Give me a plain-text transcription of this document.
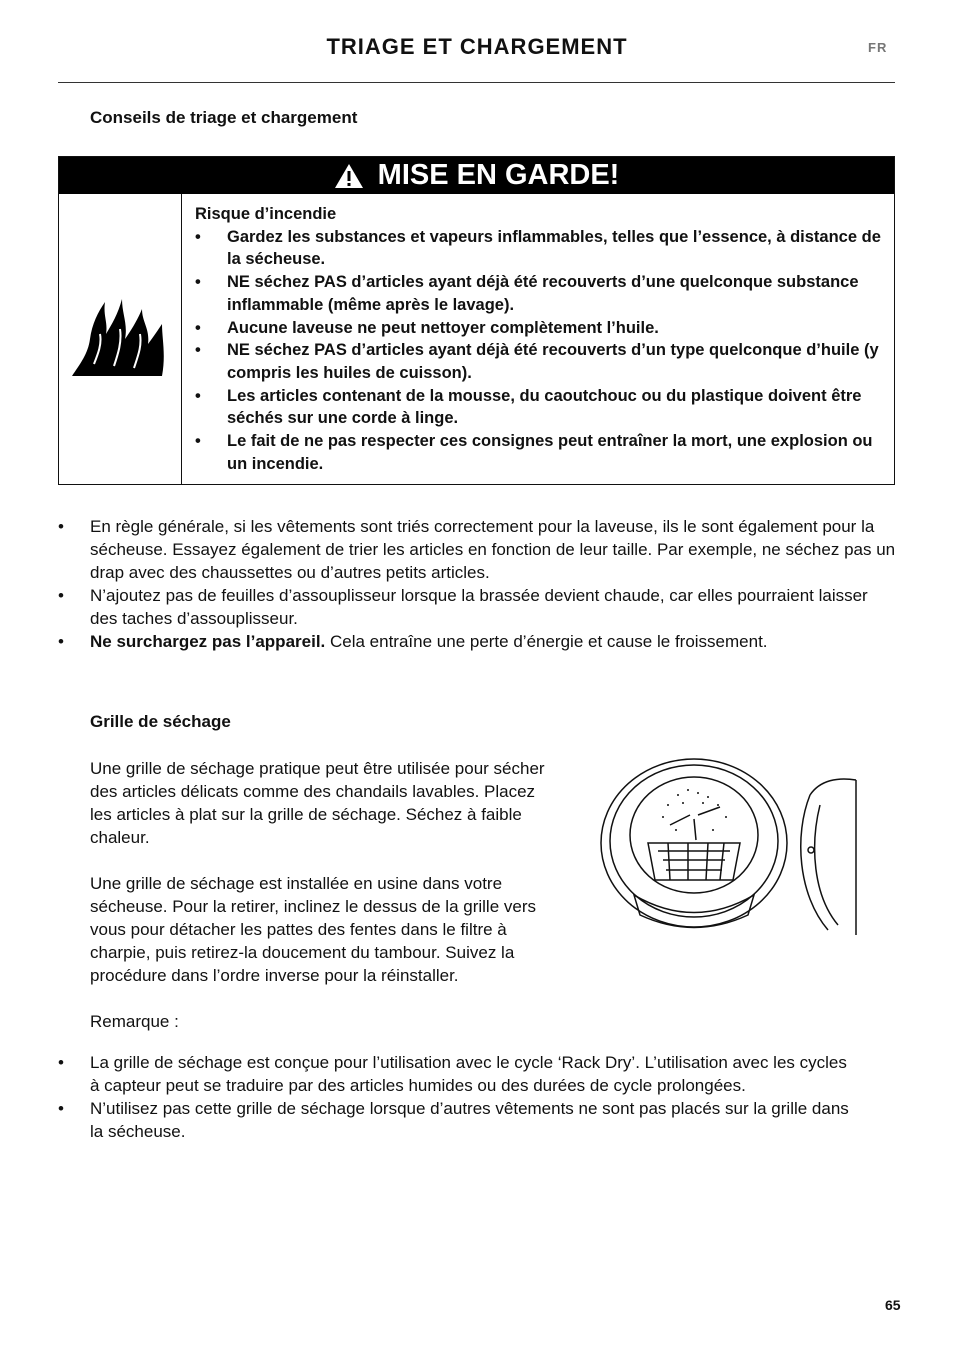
TRIAGE ET CHARGEMENT	FR
Conseils de triage et chargement
MISE EN GARDE!
Risque d’incendie
• Gardez les substances et vapeurs inflammables, telles que l’essence, à distance de la sécheuse.
• NE séchez PAS d’articles ayant déjà été recouverts d’une quelconque substance inflammable (même après le lavage).
• Aucune laveuse ne peut nettoyer complètement l’huile.
• NE séchez PAS d’articles ayant déjà été recouverts d’un type quelconque d’huile (y compris les huiles de cuisson).
• Les articles contenant de la mousse, du caoutchouc ou du plastique doivent être séchés sur une corde à linge.
• Le fait de ne pas respecter ces consignes peut entraîner la mort, une explosion ou un incendie.
• En règle générale, si les vêtements sont triés correctement pour la laveuse, ils le sont également pour la sécheuse. Essayez également de trier les articles en fonction de leur taille. Par exemple, ne séchez pas un drap avec des chaussettes ou d’autres petits articles.
• N’ajoutez pas de feuilles d’assouplisseur lorsque la brassée devient chaude, car elles pourraient laisser des taches d’assouplisseur.
• Ne surchargez pas l’appareil. Cela entraîne une perte d’énergie et cause le froissement.
Grille de séchage

Une grille de séchage pratique peut être utilisée pour sécher des articles délicats comme des chandails lavables. Placez les articles à plat sur la grille de séchage. Séchez à faible chaleur.

Une grille de séchage est installée en usine dans votre sécheuse. Pour la retirer, inclinez le dessus de la grille vers vous pour détacher les pattes des fentes dans le filtre à charpie, puis retirez-la doucement du tambour. Suivez la procédure dans l’ordre inverse pour la réinstaller.

Remarque :

• La grille de séchage est conçue pour l’utilisation avec le cycle ‘Rack Dry’. L’utilisation avec les cycles à capteur peut se traduire par des articles humides ou des durées de cycle prolongées.
• N’utilisez pas cette grille de séchage lorsque d’autres vêtements ne sont pas placés sur la grille dans la sécheuse.
65
